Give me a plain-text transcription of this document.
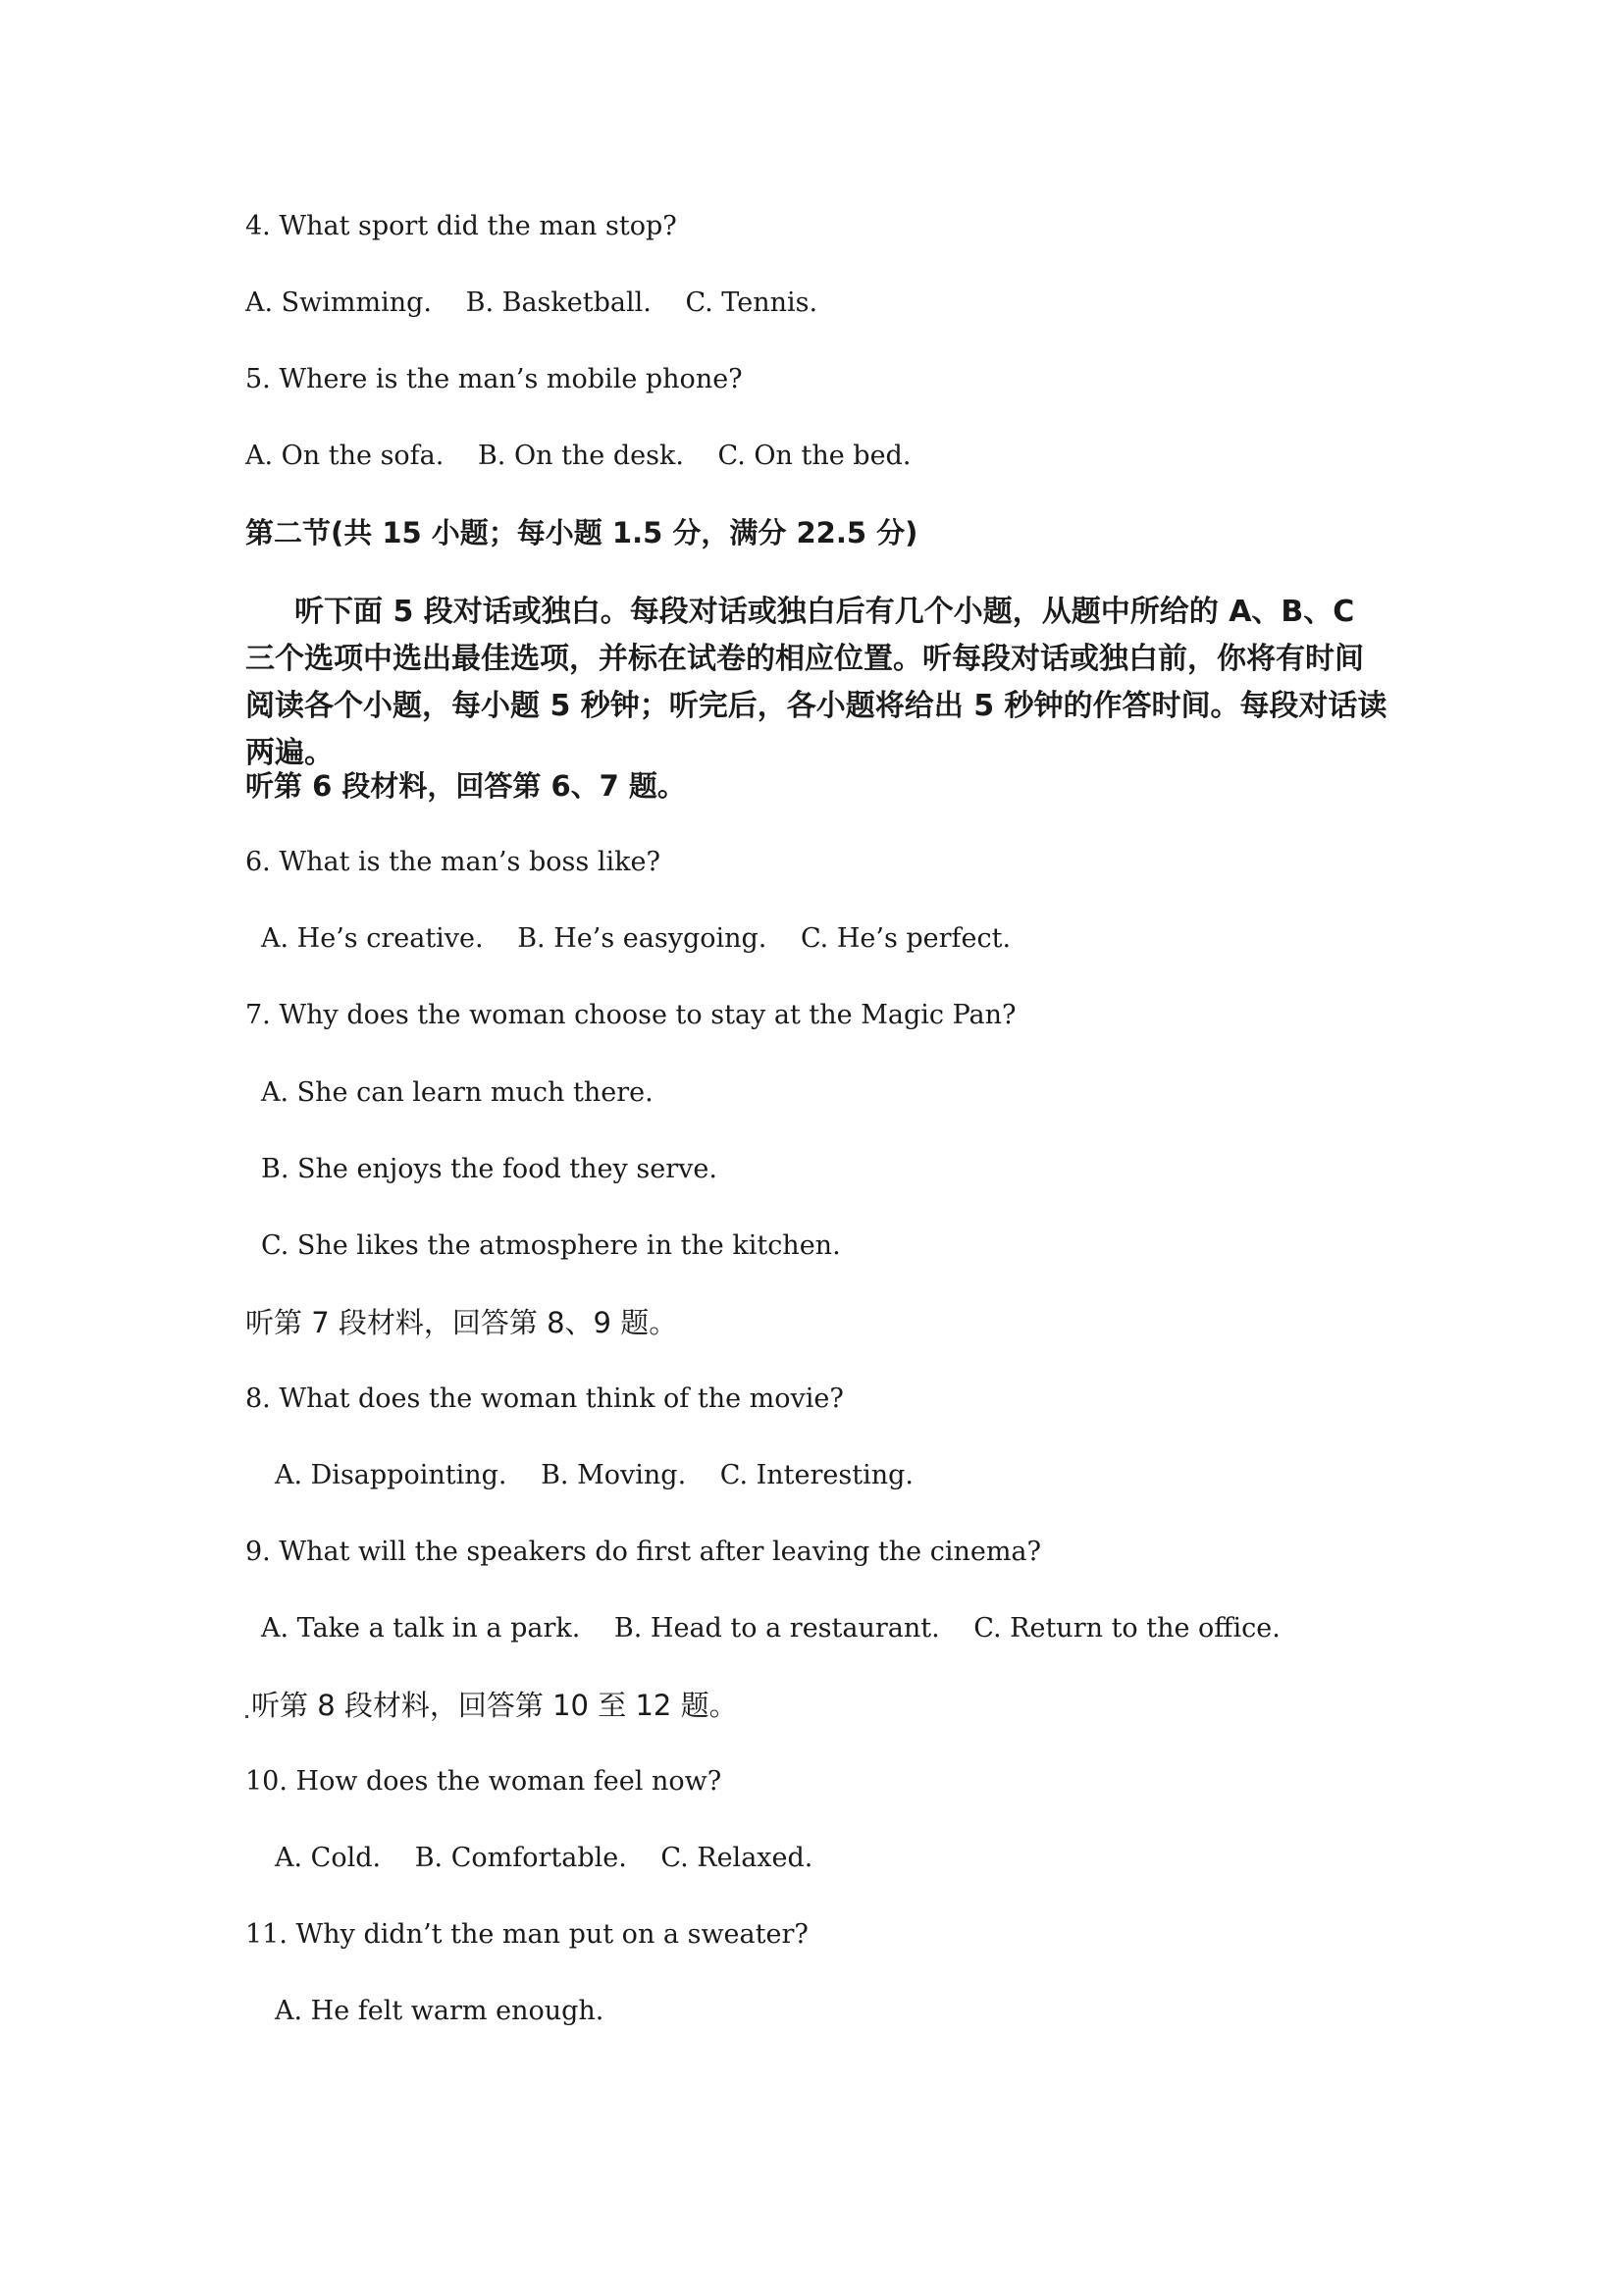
4. What sport did the man stop?
A. Swimming. B. Basketball. C. Tennis.
5. Where is the man’s mobile phone?
A. On the sofa. B. On the desk. C. On the bed.
第二节(共 15 小题；每小题 1.5 分，满分 22.5 分)
听下面 5 段对话或独白。每段对话或独白后有几个小题，从题中所给的 A、B、C 三个选项中选出最佳选项，并标在试卷的相应位置。听每段对话或独白前，你将有时间阅读各个小题，每小题 5 秒钟；听完后，各小题将给出 5 秒钟的作答时间。每段对话读两遍。
听第 6 段材料，回答第 6、7 题。
6. What is the man’s boss like?
A. He’s creative. B. He’s easygoing. C. He’s perfect.
7. Why does the woman choose to stay at the Magic Pan?
A. She can learn much there.
B. She enjoys the food they serve.
C. She likes the atmosphere in the kitchen.
听第 7 段材料，回答第 8、9 题。
8. What does the woman think of the movie?
A. Disappointing. B. Moving. C. Interesting.
9. What will the speakers do first after leaving the cinema?
A. Take a talk in a park. B. Head to a restaurant. C. Return to the office.
听第 8 段材料，回答第 10 至 12 题。
10. How does the woman feel now?
A. Cold. B. Comfortable. C. Relaxed.
11. Why didn’t the man put on a sweater?
A. He felt warm enough.
